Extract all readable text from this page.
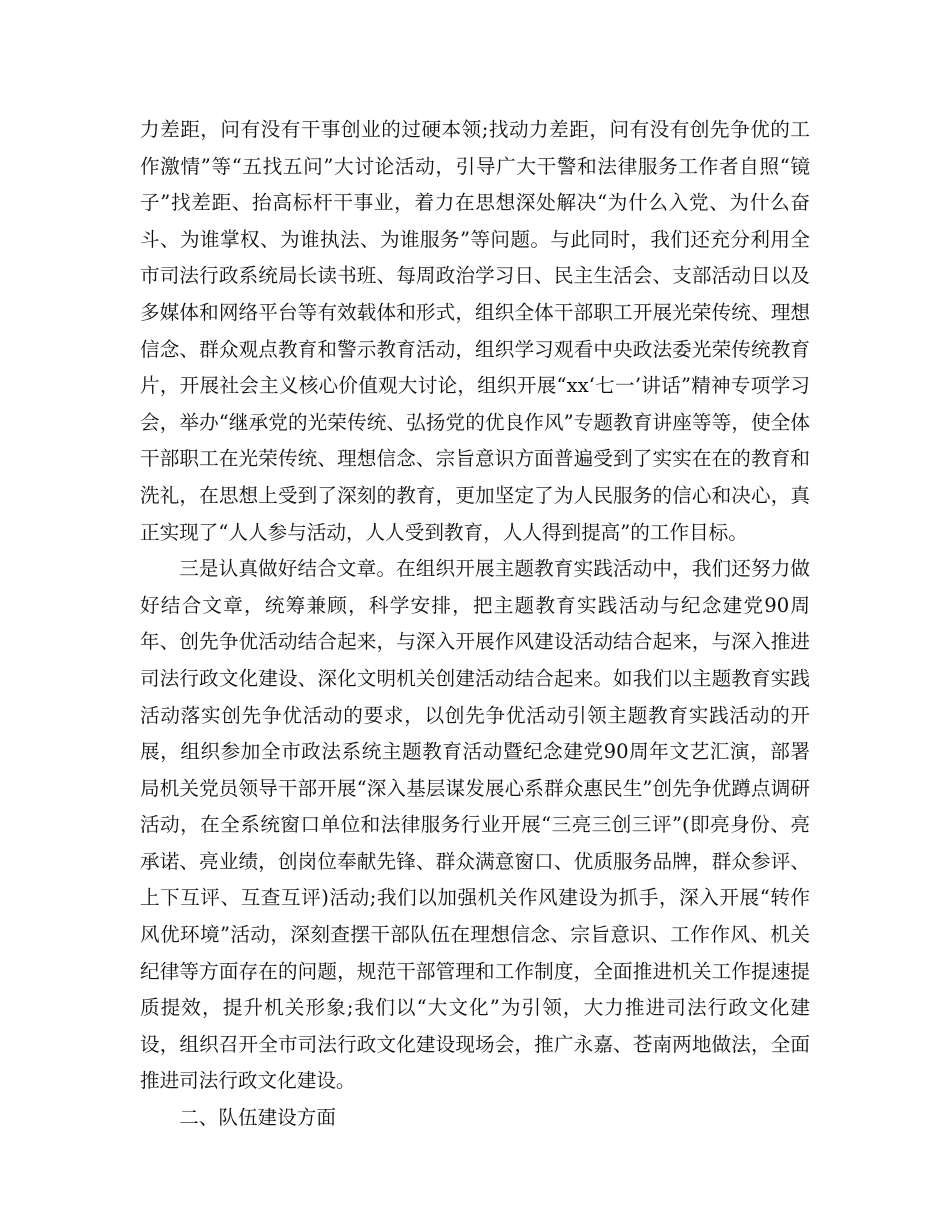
力差距，问有没有干事创业的过硬本领;找动力差距，问有没有创先争优的工作激情”等“五找五问”大讨论活动，引导广大干警和法律服务工作者自照“镜子”找差距、抬高标杆干事业，着力在思想深处解决“为什么入党、为什么奋斗、为谁掌权、为谁执法、为谁服务”等问题。与此同时，我们还充分利用全市司法行政系统局长读书班、每周政治学习日、民主生活会、支部活动日以及多媒体和网络平台等有效载体和形式，组织全体干部职工开展光荣传统、理想信念、群众观点教育和警示教育活动，组织学习观看中央政法委光荣传统教育片，开展社会主义核心价值观大讨论，组织开展“xx‘七一’讲话”精神专项学习会，举办“继承党的光荣传统、弘扬党的优良作风”专题教育讲座等等，使全体干部职工在光荣传统、理想信念、宗旨意识方面普遍受到了实实在在的教育和洗礼，在思想上受到了深刻的教育，更加坚定了为人民服务的信心和决心，真正实现了“人人参与活动，人人受到教育，人人得到提高”的工作目标。

三是认真做好结合文章。在组织开展主题教育实践活动中，我们还努力做好结合文章，统筹兼顾，科学安排，把主题教育实践活动与纪念建党90周年、创先争优活动结合起来，与深入开展作风建设活动结合起来，与深入推进司法行政文化建设、深化文明机关创建活动结合起来。如我们以主题教育实践活动落实创先争优活动的要求，以创先争优活动引领主题教育实践活动的开展，组织参加全市政法系统主题教育活动暨纪念建党90周年文艺汇演，部署局机关党员领导干部开展“深入基层谋发展心系群众惠民生”创先争优蹲点调研活动，在全系统窗口单位和法律服务行业开展“三亮三创三评”(即亮身份、亮承诺、亮业绩，创岗位奉献先锋、群众满意窗口、优质服务品牌，群众参评、上下互评、互查互评)活动;我们以加强机关作风建设为抓手，深入开展“转作风优环境”活动，深刻查摆干部队伍在理想信念、宗旨意识、工作作风、机关纪律等方面存在的问题，规范干部管理和工作制度，全面推进机关工作提速提质提效，提升机关形象;我们以“大文化”为引领，大力推进司法行政文化建设，组织召开全市司法行政文化建设现场会，推广永嘉、苍南两地做法，全面推进司法行政文化建设。

二、队伍建设方面
